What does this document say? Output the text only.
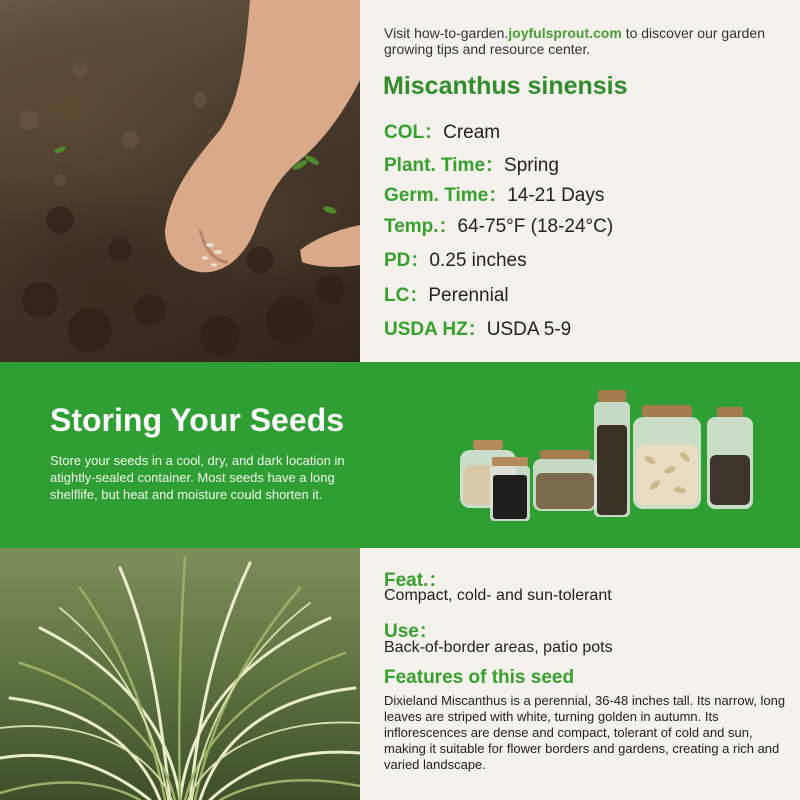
Visit how-to-garden.joyfulsprout.com to discover our garden growing tips and resource center.
Miscanthus sinensis
COL：Cream
Plant. Time：Spring
Germ. Time：14-21 Days
Temp.：64-75°F (18-24°C)
PD：0.25 inches
LC：Perennial
USDA HZ：USDA 5-9
Storing Your Seeds
Store your seeds in a cool, dry, and dark location in atightly-sealed container. Most seeds have a long shelflife, but heat and moisture could shorten it.
Feat.：
Compact, cold- and sun-tolerant
Use：
Back-of-border areas, patio pots
Features of this seed
Dixieland Miscanthus is a perennial, 36-48 inches tall. Its narrow, long leaves are striped with white, turning golden in autumn. Its inflorescences are dense and compact, tolerant of cold and sun, making it suitable for flower borders and gardens, creating a rich and varied landscape.
